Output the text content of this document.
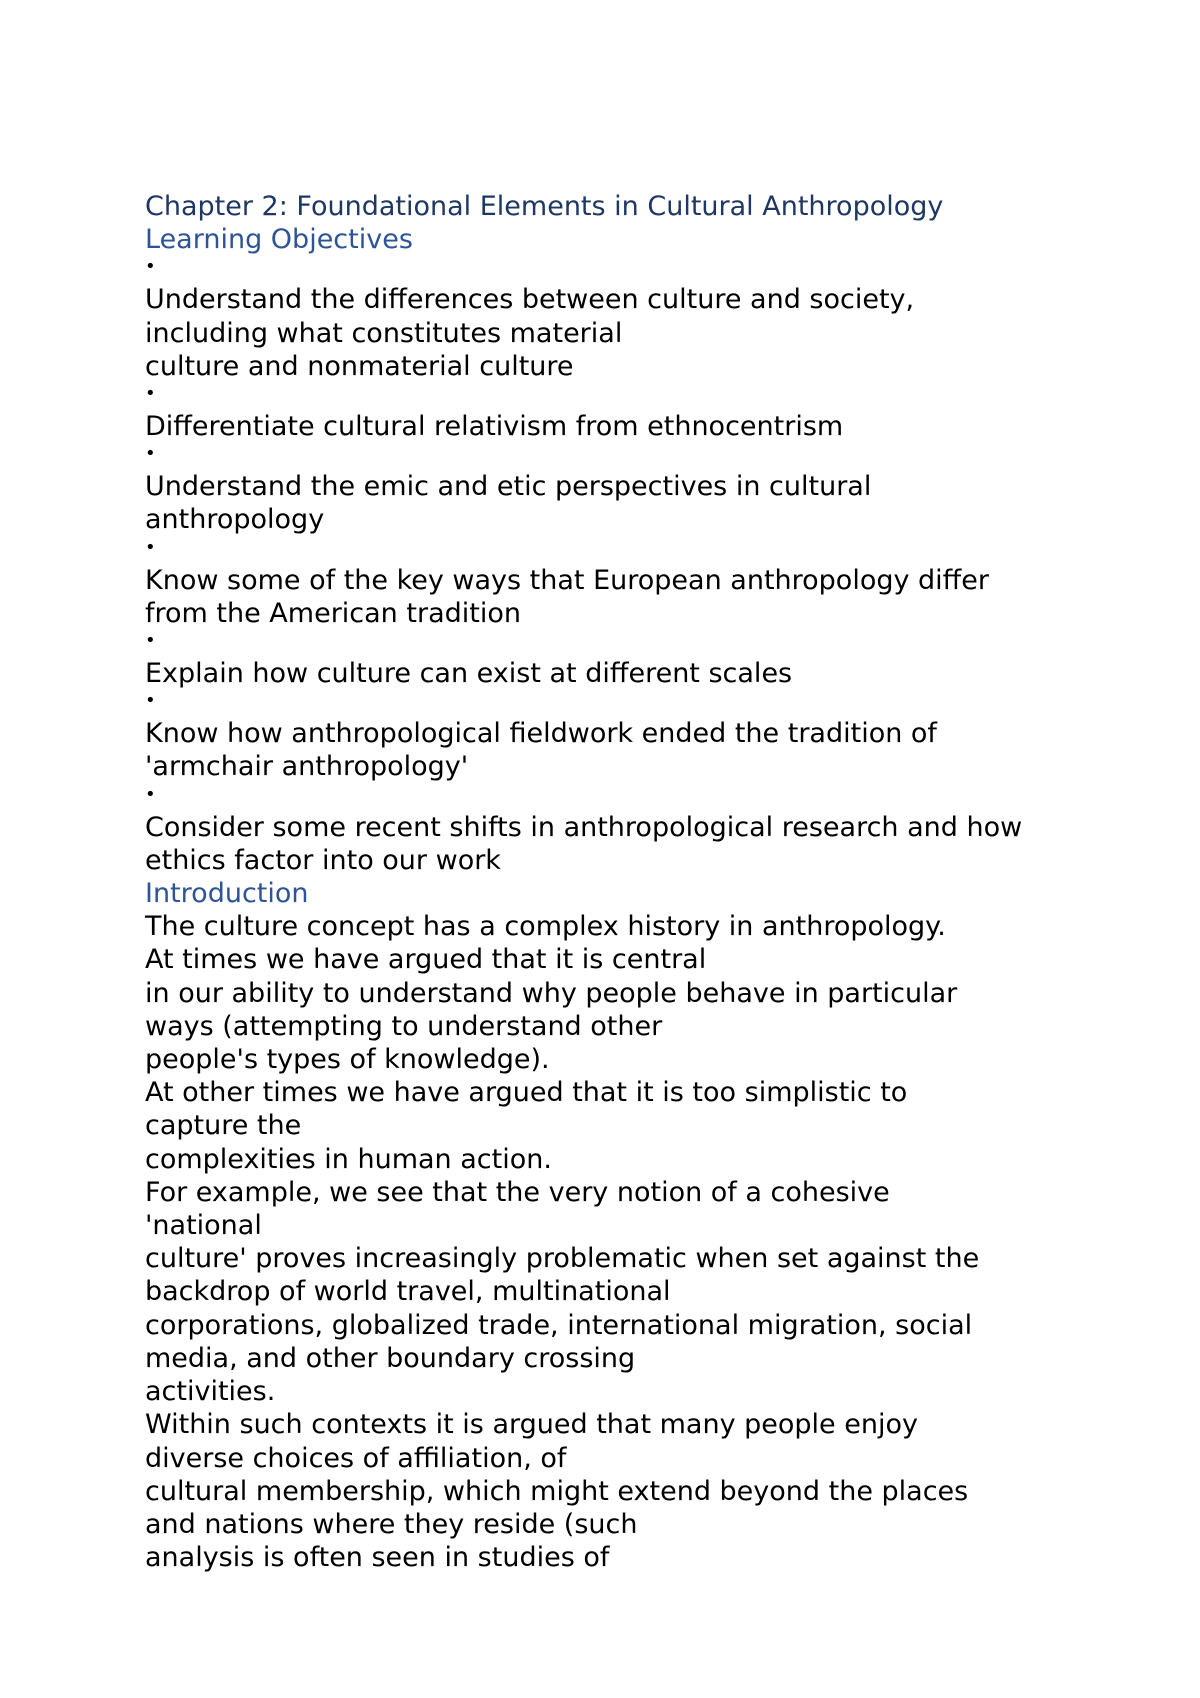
Chapter 2: Foundational Elements in Cultural Anthropology
Learning Objectives
•
Understand the differences between culture and society,
including what constitutes material
culture and nonmaterial culture
•
Differentiate cultural relativism from ethnocentrism
•
Understand the emic and etic perspectives in cultural
anthropology
•
Know some of the key ways that European anthropology differ
from the American tradition
•
Explain how culture can exist at different scales
•
Know how anthropological fieldwork ended the tradition of
'armchair anthropology'
•
Consider some recent shifts in anthropological research and how
ethics factor into our work
Introduction
The culture concept has a complex history in anthropology.
At times we have argued that it is central
in our ability to understand why people behave in particular
ways (attempting to understand other
people's types of knowledge).
At other times we have argued that it is too simplistic to
capture the
complexities in human action.
For example, we see that the very notion of a cohesive
'national
culture' proves increasingly problematic when set against the
backdrop of world travel, multinational
corporations, globalized trade, international migration, social
media, and other boundary crossing
activities.
Within such contexts it is argued that many people enjoy
diverse choices of affiliation, of
cultural membership, which might extend beyond the places
and nations where they reside (such
analysis is often seen in studies of
